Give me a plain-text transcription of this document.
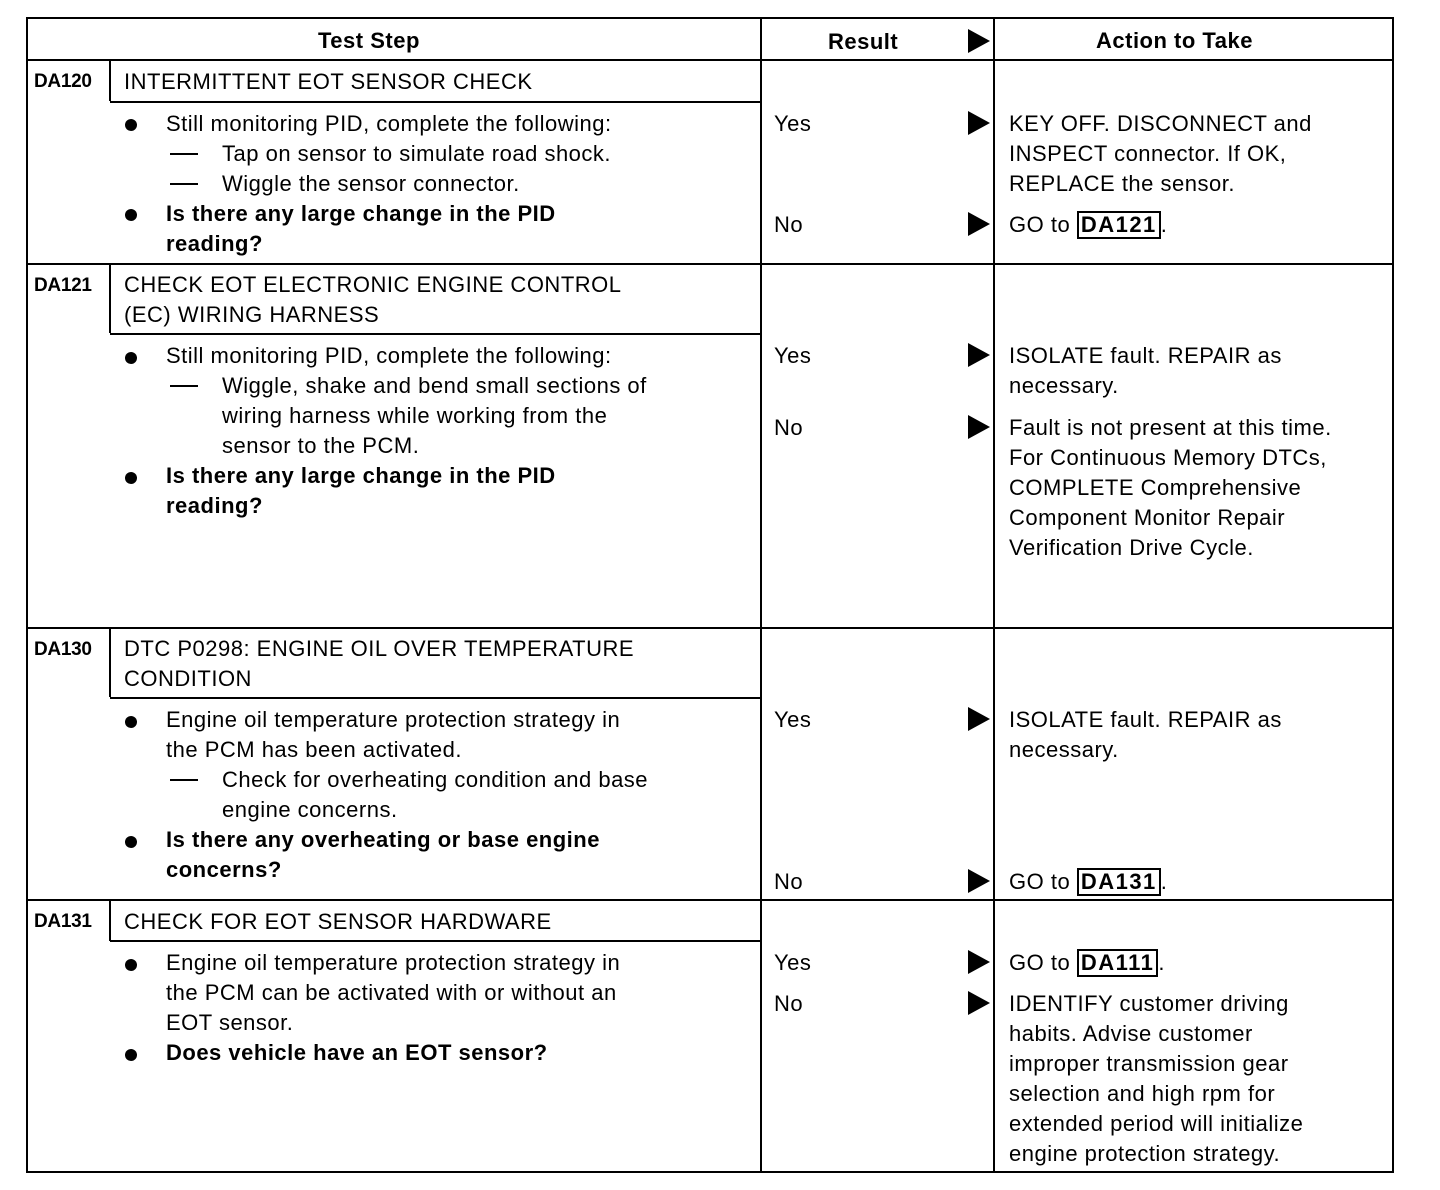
Test Step	Result	Action to Take
DA120 INTERMITTENT EOT SENSOR CHECK
Still monitoring PID, complete the following:
Tap on sensor to simulate road shock.
Wiggle the sensor connector.
Is there any large change in the PID
reading?
Yes	KEY OFF. DISCONNECT and
INSPECT connector. If OK,
REPLACE the sensor.
No	GO to DA121 .
DA121 CHECK EOT ELECTRONIC ENGINE CONTROL
(EC) WIRING HARNESS
Still monitoring PID, complete the following:
Wiggle, shake and bend small sections of
wiring harness while working from the
sensor to the PCM.
Is there any large change in the PID
reading?
Yes	ISOLATE fault. REPAIR as
necessary.
No	Fault is not present at this time.
For Continuous Memory DTCs,
COMPLETE Comprehensive
Component Monitor Repair
Verification Drive Cycle.
DA130 DTC P0298: ENGINE OIL OVER TEMPERATURE
CONDITION
Engine oil temperature protection strategy in
the PCM has been activated.
Check for overheating condition and base
engine concerns.
Is there any overheating or base engine
concerns?
Yes	ISOLATE fault. REPAIR as
necessary.
No	GO to DA131 .
DA131 CHECK FOR EOT SENSOR HARDWARE
Engine oil temperature protection strategy in
the PCM can be activated with or without an
EOT sensor.
Does vehicle have an EOT sensor?
Yes	GO to DA111 .
No	IDENTIFY customer driving
habits. Advise customer
improper transmission gear
selection and high rpm for
extended period will initialize
engine protection strategy.
